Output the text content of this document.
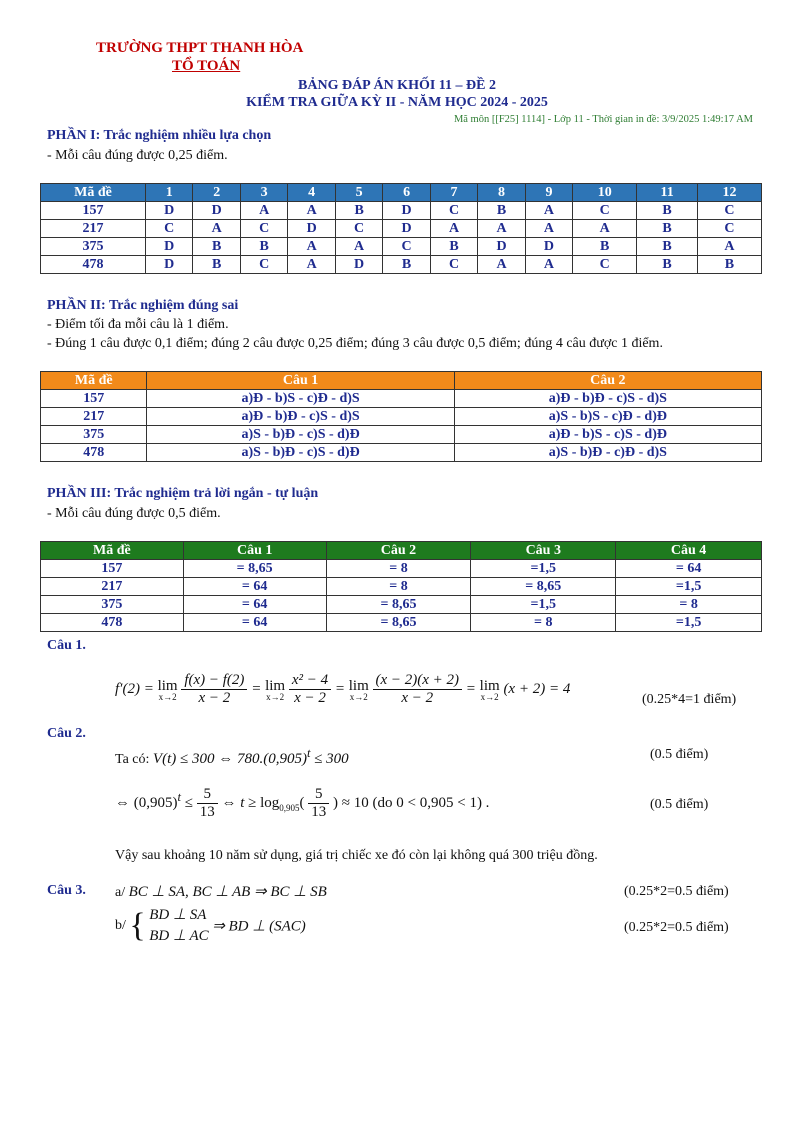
TRƯỜNG THPT THANH HÒA
TỔ TOÁN
BẢNG ĐÁP ÁN KHỐI 11 – ĐỀ 2
KIỂM TRA GIỮA KỲ II - NĂM HỌC 2024 - 2025
Mã môn [[F25] 1114] - Lớp 11 - Thời gian in đề: 3/9/2025 1:49:17 AM
PHẦN I: Trắc nghiệm nhiều lựa chọn
- Mỗi câu đúng được 0,25 điểm.
Mã đề	1	2	3	4	5	6	7	8	9	10	11	12
157	D	D	A	A	B	D	C	B	A	C	B	C
217	C	A	C	D	C	D	A	A	A	A	B	C
375	D	B	B	A	A	C	B	D	D	B	B	A
478	D	B	C	A	D	B	C	A	A	C	B	B
PHẦN II: Trắc nghiệm đúng sai
- Điểm tối đa mỗi câu là 1 điểm.
- Đúng 1 câu được 0,1 điểm; đúng 2 câu được 0,25 điểm; đúng 3 câu được 0,5 điểm; đúng 4 câu được 1 điểm.
Mã đề	Câu 1	Câu 2
157	a)Đ - b)S - c)Đ - d)S	a)Đ - b)Đ - c)S - d)S
217	a)Đ - b)Đ - c)S - d)S	a)S - b)S - c)Đ - d)Đ
375	a)S - b)Đ - c)S - d)Đ	a)Đ - b)S - c)S - d)Đ
478	a)S - b)Đ - c)S - d)Đ	a)S - b)Đ - c)Đ - d)S
PHẦN III: Trắc nghiệm trả lời ngắn - tự luận
- Mỗi câu đúng được 0,5 điểm.
Mã đề	Câu 1	Câu 2	Câu 3	Câu 4
157	= 8,65	= 8	=1,5	= 64
217	= 64	= 8	= 8,65	=1,5
375	= 64	= 8,65	=1,5	= 8
478	= 64	= 8,65	= 8	=1,5
Câu 1.
f′(2) = lim
x→2
$\frac{f(x) - f(2)}{x - 2} = \lim$
x→2
$\frac{\text{x² − 4}}{x - 2} = \lim$
x→2
$\frac{(x - 2)(x + 2)}{x - 2} = \lim$
x→2 (x + 2) = 4
(0.25*4=1 điểm)
Câu 2.
Ta có: V(t) ≤ 300 ⇔ $780.(0,905)^t \le 300$	(0.5 điểm)
⇔ $(0,905)^t \le \frac{5}{13}$ ⇔ $t \ge \log_{0,905}( \frac{5}{13}$ ) ≈ 10 (do 0 < 0,905 < 1) .	(0.5 điểm)
Vậy sau khoảng 10 năm sử dụng, giá trị chiếc xe đó còn lại không quá 300 triệu đồng.
Câu 3. a/ BC ⊥ SA, BC ⊥ AB ⇒ BC ⊥ SB	(0.25*2=0.5 điểm)
b/ { BD ⊥ SA
BD ⊥ AC ⇒ BD ⊥ (SAC)	(0.25*2=0.5 điểm)
